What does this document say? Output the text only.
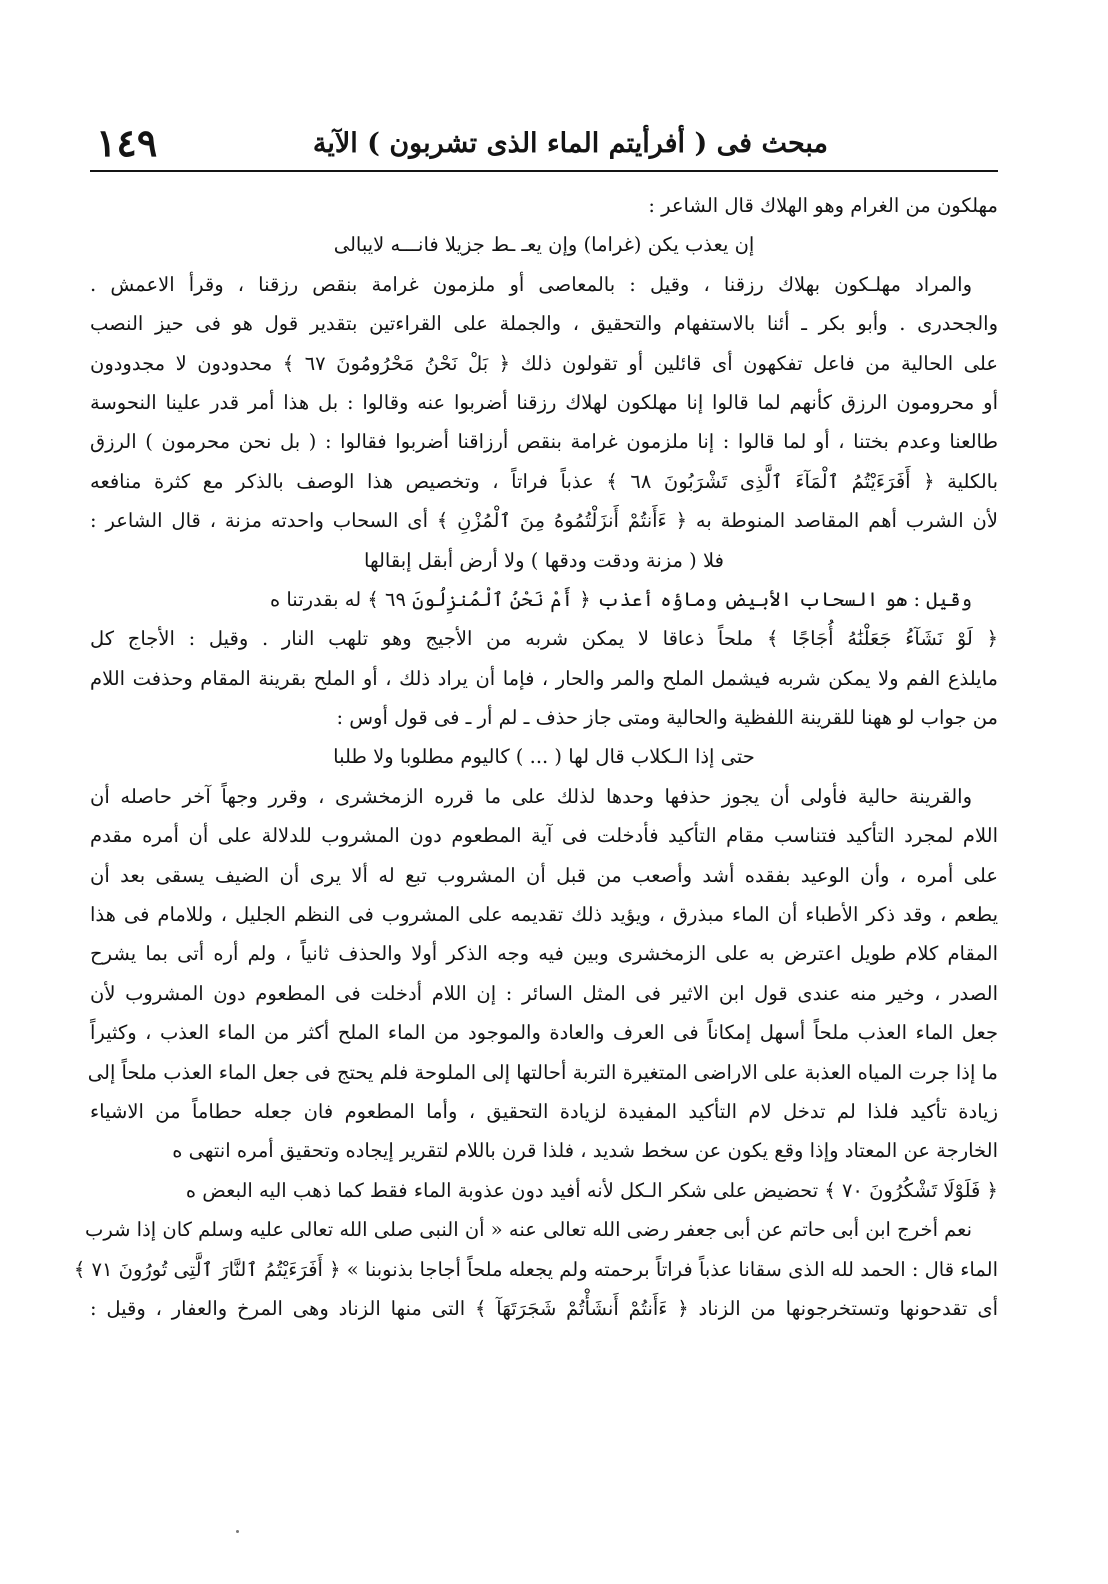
مبحث فى ( أفرأيتم الماء الذى تشربون ) الآية
١٤٩
مهلكون من الغرام وهو الهلاك قال الشاعر :
إن يعذب يكن (غراما) وإن يعـ ـط جزيلا فانـــه لايبالى
والمراد مهلـكون بهلاك رزقنا ، وقيل : بالمعاصى أو ملزمون غرامة بنقص رزقنا ، وقرأ الاعمش .
والجحدرى . وأبو بكر ـ أئنا بالاستفهام والتحقيق ، والجملة على القراءتين بتقدير قول هو فى حيز النصب
على الحالية من فاعل تفكهون أى قائلين أو تقولون ذلك ﴿ بَلْ نَحْنُ مَحْرُومُونَ ٦٧ ﴾ محدودون لا مجدودون
أو محرومون الرزق كأنهم لما قالوا إنا مهلكون لهلاك رزقنا أضربوا عنه وقالوا : بل هذا أمر قدر علينا النحوسة
طالعنا وعدم بختنا ، أو لما قالوا : إنا ملزمون غرامة بنقص أرزاقنا أضربوا فقالوا : ( بل نحن محرمون ) الرزق
بالكلية ﴿ أَفَرَءَيْتُمُ ٱلْمَآءَ ٱلَّذِى تَشْرَبُونَ ٦٨ ﴾ عذباً فراتاً ، وتخصيص هذا الوصف بالذكر مع كثرة منافعه
لأن الشرب أهم المقاصد المنوطة به ﴿ ءَأَنتُمْ أَنزَلْتُمُوهُ مِنَ ٱلْمُزْنِ ﴾ أى السحاب واحدته مزنة ، قال الشاعر :
فلا ( مزنة ودقت ودقها ) ولا أرض أبقل إبقالها
وقيل : هو السحاب الأبيض وماؤه أعذب ﴿ أَمْ نَحْنُ ٱلْمُنزِلُونَ ٦٩ ﴾ له بقدرتنا ه
﴿ لَوْ نَشَآءُ جَعَلْنَٰهُ أُجَاجًا ﴾ ملحاً ذعاقا لا يمكن شربه من الأجيج وهو تلهب النار . وقيل : الأجاج كل
مايلذع الفم ولا يمكن شربه فيشمل الملح والمر والحار ، فإما أن يراد ذلك ، أو الملح بقرينة المقام وحذفت اللام
من جواب لو ههنا للقرينة اللفظية والحالية ومتى جاز حذف ـ لم أر ـ فى قول أوس :
حتى إذا الـكلاب قال لها ( ... ) كاليوم مطلوبا ولا طلبا
والقرينة حالية فأولى أن يجوز حذفها وحدها لذلك على ما قرره الزمخشرى ، وقرر وجهاً آخر حاصله أن
اللام لمجرد التأكيد فتناسب مقام التأكيد فأدخلت فى آية المطعوم دون المشروب للدلالة على أن أمره مقدم
على أمره ، وأن الوعيد بفقده أشد وأصعب من قبل أن المشروب تبع له ألا يرى أن الضيف يسقى بعد أن
يطعم ، وقد ذكر الأطباء أن الماء مبذرق ، ويؤيد ذلك تقديمه على المشروب فى النظم الجليل ، وللامام فى هذا
المقام كلام طويل اعترض به على الزمخشرى وبين فيه وجه الذكر أولا والحذف ثانياً ، ولم أره أتى بما يشرح
الصدر ، وخير منه عندى قول ابن الاثير فى المثل السائر : إن اللام أدخلت فى المطعوم دون المشروب لأن
جعل الماء العذب ملحاً أسهل إمكاناً فى العرف والعادة والموجود من الماء الملح أكثر من الماء العذب ، وكثيراً
ما إذا جرت المياه العذبة على الاراضى المتغيرة التربة أحالتها إلى الملوحة فلم يحتج فى جعل الماء العذب ملحاً إلى
زيادة تأكيد فلذا لم تدخل لام التأكيد المفيدة لزيادة التحقيق ، وأما المطعوم فان جعله حطاماً من الاشياء
الخارجة عن المعتاد وإذا وقع يكون عن سخط شديد ، فلذا قرن باللام لتقرير إيجاده وتحقيق أمره انتهى ه
﴿ فَلَوْلَا تَشْكُرُونَ ٧٠ ﴾ تحضيض على شكر الـكل لأنه أفيد دون عذوبة الماء فقط كما ذهب اليه البعض ه
نعم أخرج ابن أبى حاتم عن أبى جعفر رضى الله تعالى عنه « أن النبى صلى الله تعالى عليه وسلم كان إذا شرب
الماء قال : الحمد لله الذى سقانا عذباً فراتاً برحمته ولم يجعله ملحاً أجاجا بذنوبنا » ﴿ أَفَرَءَيْتُمُ ٱلنَّارَ ٱلَّتِى تُورُونَ ٧١ ﴾
أى تقدحونها وتستخرجونها من الزناد ﴿ ءَأَنتُمْ أَنشَأْتُمْ شَجَرَتَهَآ ﴾ التى منها الزناد وهى المرخ والعفار ، وقيل :
